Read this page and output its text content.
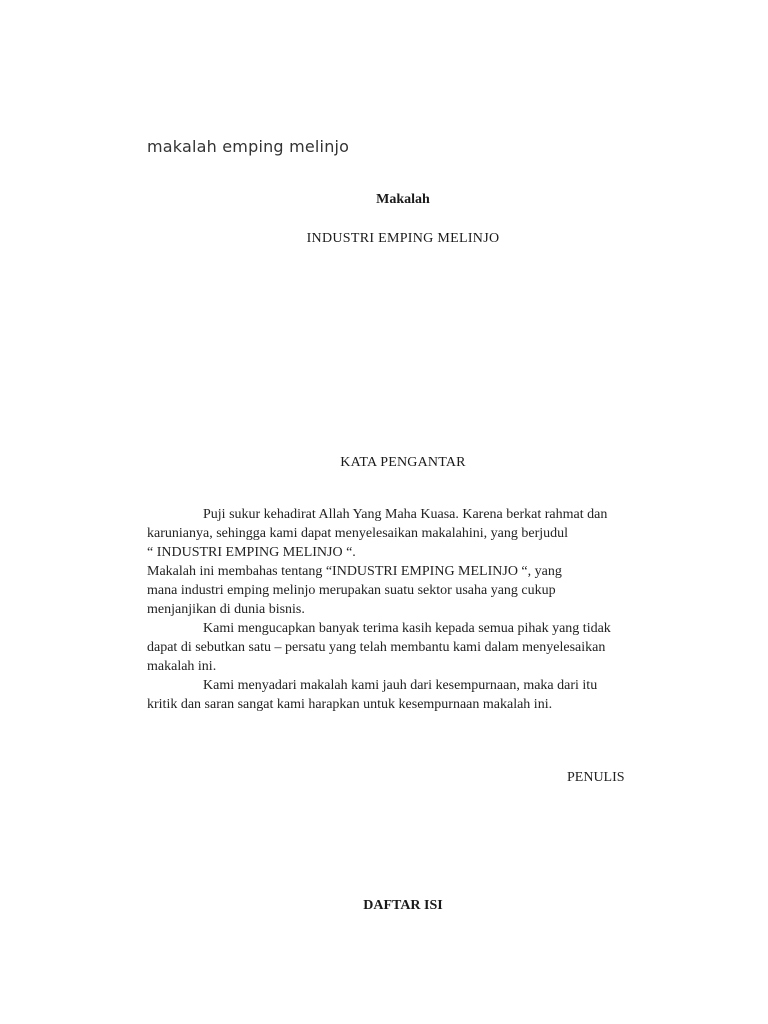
makalah emping melinjo
Makalah
INDUSTRI EMPING MELINJO
KATA PENGANTAR
Puji sukur kehadirat Allah Yang Maha Kuasa. Karena berkat rahmat dan
karunianya, sehingga kami dapat menyelesaikan makalahini, yang berjudul
“ INDUSTRI EMPING MELINJO “.
Makalah ini membahas tentang “INDUSTRI EMPING MELINJO “, yang
mana industri emping melinjo merupakan suatu sektor usaha yang cukup
menjanjikan di dunia bisnis.
Kami mengucapkan banyak terima kasih kepada semua pihak yang tidak
dapat di sebutkan satu – persatu yang telah membantu kami dalam menyelesaikan
makalah ini.
Kami menyadari makalah kami jauh dari kesempurnaan, maka dari itu
kritik dan saran sangat kami harapkan untuk kesempurnaan makalah ini.
PENULIS
DAFTAR ISI
